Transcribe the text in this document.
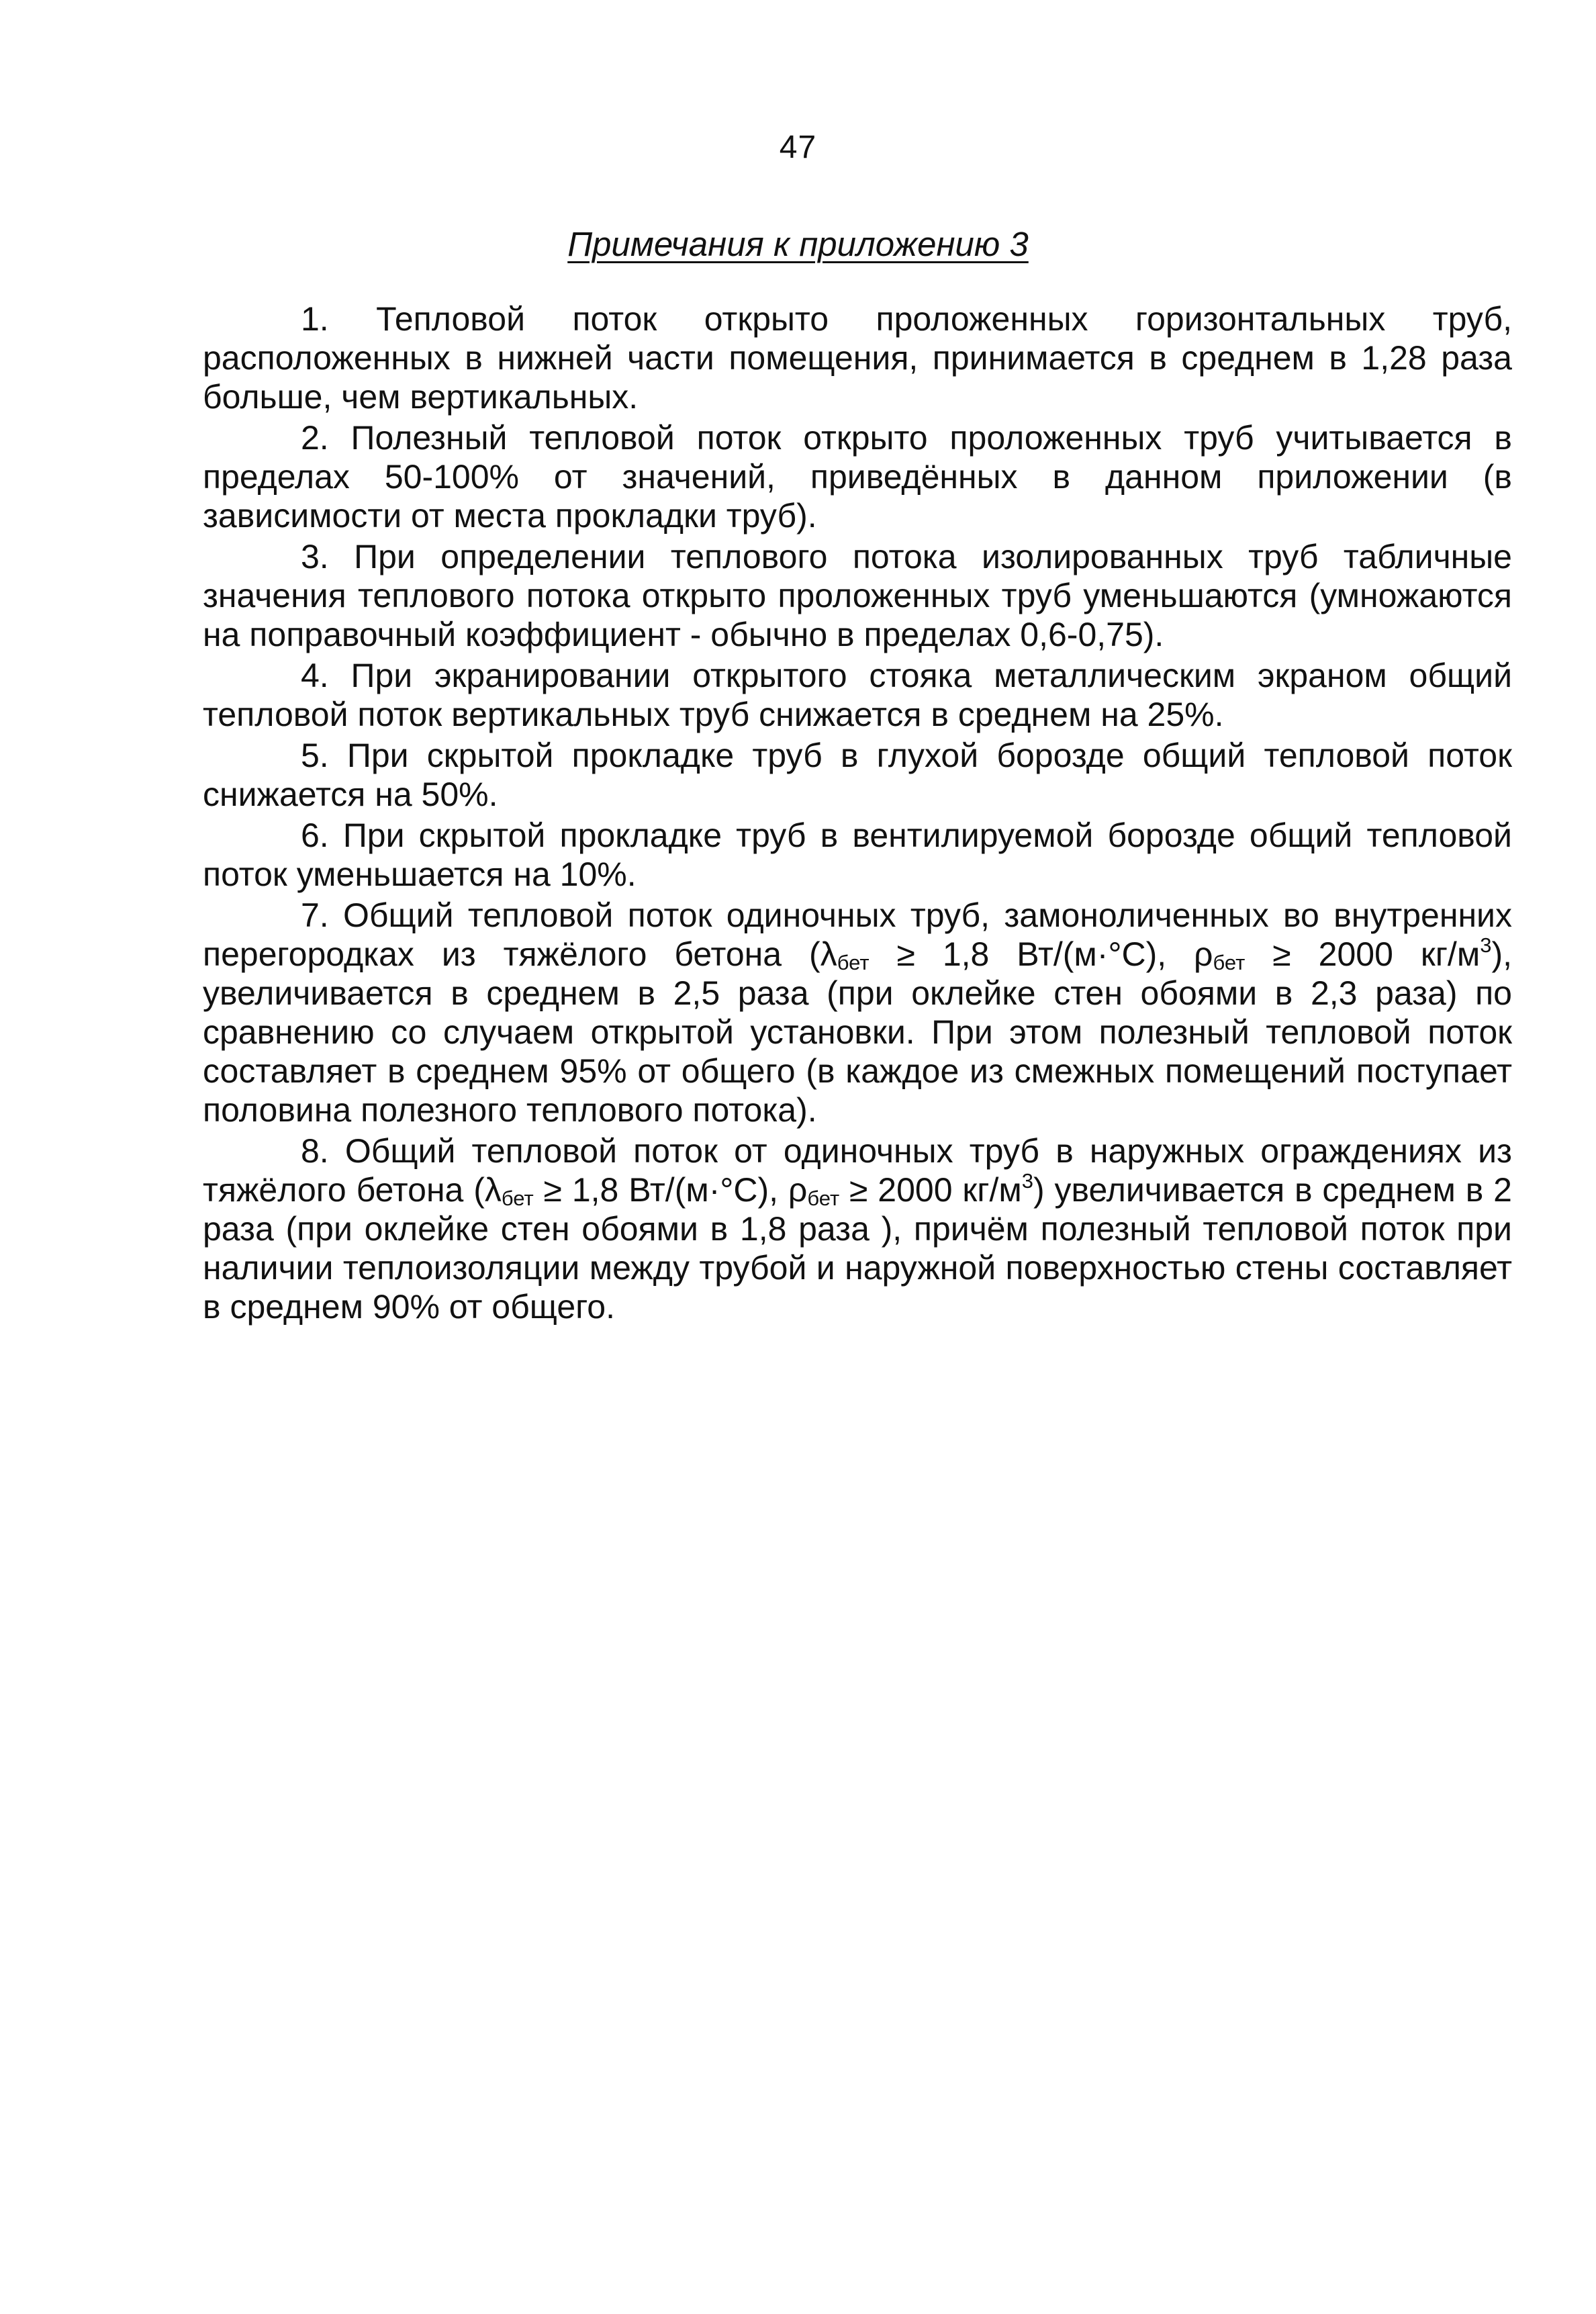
47
Примечания к приложению 3

1. Тепловой поток открыто проложенных горизонтальных труб, расположенных в нижней части помещения, принимается в среднем в 1,28 раза больше, чем вертикальных.

2. Полезный тепловой поток открыто проложенных труб учитывается в пределах 50-100% от значений, приведённых в данном приложении (в зависимости от места прокладки труб).

3. При определении теплового потока изолированных труб табличные значения теплового потока открыто проложенных труб уменьшаются (умножаются на поправочный коэффициент - обычно в пределах 0,6-0,75).

4. При экранировании открытого стояка металлическим экраном общий тепловой поток вертикальных труб снижается в среднем на 25%.

5. При скрытой прокладке труб в глухой борозде общий тепловой поток снижается на 50%.

6. При скрытой прокладке труб в вентилируемой борозде общий тепловой поток уменьшается на 10%.

7. Общий тепловой поток одиночных труб, замоноличенных во внутренних перегородках из тяжёлого бетона (λбет ≥ 1,8 Вт/(м·°С), ρбет ≥ 2000 $кг/м^3$), увеличивается в среднем в 2,5 раза (при оклейке стен обоями в 2,3 раза) по сравнению со случаем открытой установки. При этом полезный тепловой поток составляет в среднем 95% от общего (в каждое из смежных помещений поступает половина полезного теплового потока).

8. Общий тепловой поток от одиночных труб в наружных ограждениях из тяжёлого бетона (λбет ≥ 1,8 Вт/(м·°С), ρбет ≥ 2000 $кг/м^3$) увеличивается в среднем в 2 раза (при оклейке стен обоями в 1,8 раза ), причём полезный тепловой поток при наличии теплоизоляции между трубой и наружной поверхностью стены составляет в среднем 90% от общего.
